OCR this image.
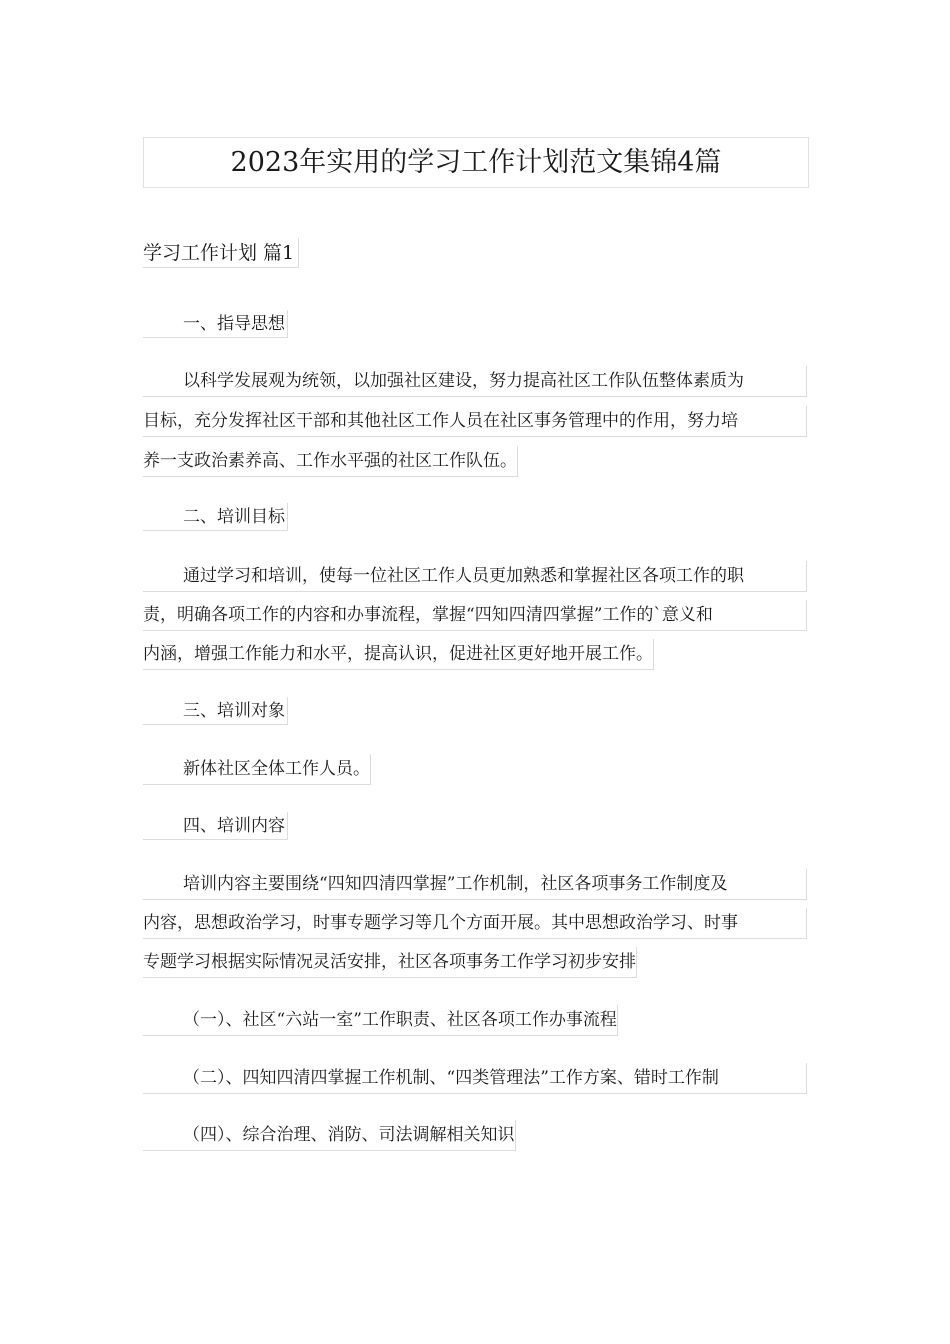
2023年实用的学习工作计划范文集锦4篇
学习工作计划 篇1
一、指导思想
以科学发展观为统领，以加强社区建设，努力提高社区工作队伍整体素质为
目标，充分发挥社区干部和其他社区工作人员在社区事务管理中的作用，努力培
养一支政治素养高、工作水平强的社区工作队伍。
二、培训目标
通过学习和培训，使每一位社区工作人员更加熟悉和掌握社区各项工作的职
责，明确各项工作的内容和办事流程，掌握“四知四清四掌握”工作的`意义和
内涵，增强工作能力和水平，提高认识，促进社区更好地开展工作。
三、培训对象
新体社区全体工作人员。
四、培训内容
培训内容主要围绕“四知四清四掌握”工作机制，社区各项事务工作制度及
内容，思想政治学习，时事专题学习等几个方面开展。其中思想政治学习、时事
专题学习根据实际情况灵活安排，社区各项事务工作学习初步安排
（一）、社区“六站一室”工作职责、社区各项工作办事流程
（二）、四知四清四掌握工作机制、“四类管理法”工作方案、错时工作制
（四）、综合治理、消防、司法调解相关知识
